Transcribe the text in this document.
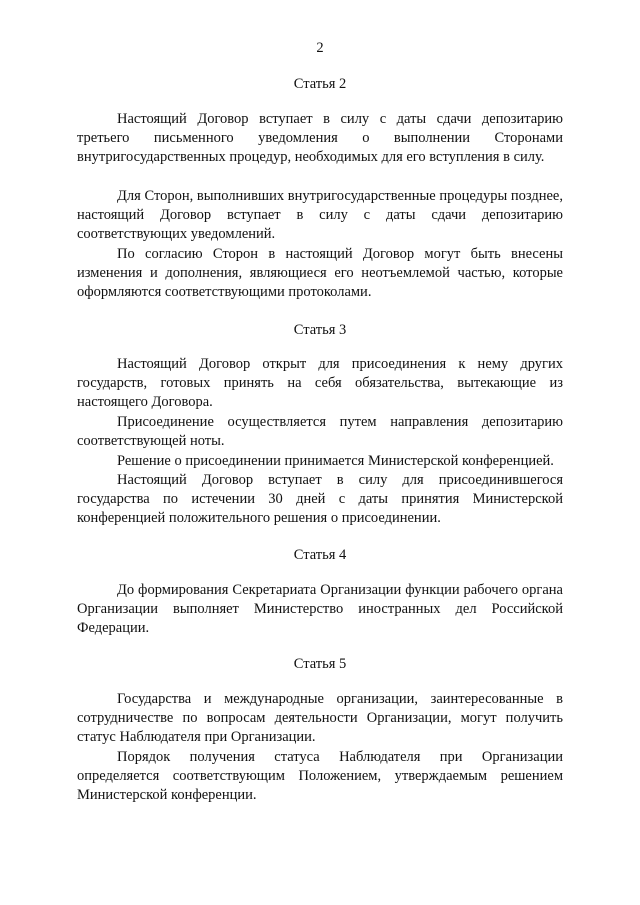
2
Статья 2

Настоящий Договор вступает в силу с даты сдачи депозитарию третьего письменного уведомления о выполнении Сторонами внутригосударственных процедур, необходимых для его вступления в силу.

Для Сторон, выполнивших внутригосударственные процедуры позднее, настоящий Договор вступает в силу с даты сдачи депозитарию соответствующих уведомлений.

По согласию Сторон в настоящий Договор могут быть внесены изменения и дополнения, являющиеся его неотъемлемой частью, которые оформляются соответствующими протоколами.

Статья 3

Настоящий Договор открыт для присоединения к нему других государств, готовых принять на себя обязательства, вытекающие из настоящего Договора.

Присоединение осуществляется путем направления депозитарию соответствующей ноты.

Решение о присоединении принимается Министерской конференцией.

Настоящий Договор вступает в силу для присоединившегося государства по истечении 30 дней с даты принятия Министерской конференцией положительного решения о присоединении.

Статья 4

До формирования Секретариата Организации функции рабочего органа Организации выполняет Министерство иностранных дел Российской Федерации.

Статья 5

Государства и международные организации, заинтересованные в сотрудничестве по вопросам деятельности Организации, могут получить статус Наблюдателя при Организации.

Порядок получения статуса Наблюдателя при Организации определяется соответствующим Положением, утверждаемым решением Министерской конференции.
